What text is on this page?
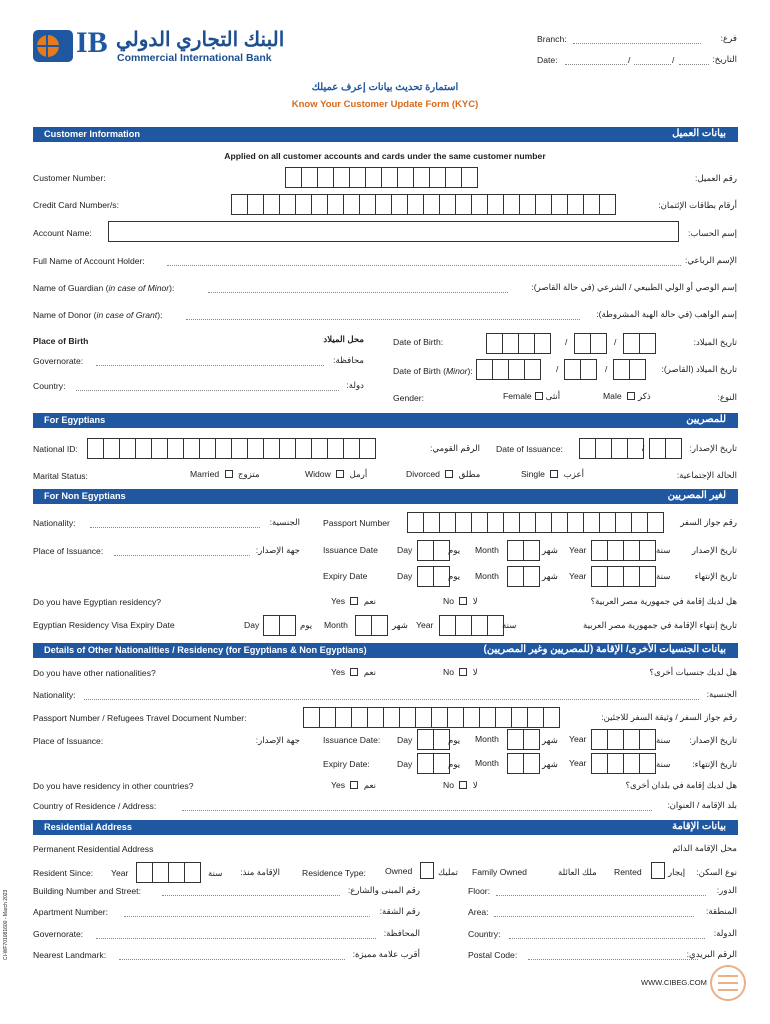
IB البنك التجاري الدولي
Commercial International Bank
Branch:	فرع:
Date:	/	/	التاريخ:
استمارة تحديث بيانات إعرف عميلك
Know Your Customer Update Form (KYC)
Customer Information	بيانات العميل
Applied on all customer accounts and cards under the same customer number
Customer Number:	رقم العميل:
Credit Card Number/s:	أرقام بطاقات الإئتمان:
Account Name:	إسم الحساب:
Full Name of Account Holder:	الإسم الرباعي:
Name of Guardian (in case of Minor):	إسم الوصي أو الولي الطبيعي / الشرعي (في حالة القاصر):
Name of Donor (in case of Grant):	إسم الواهب (في حالة الهبة المشروطة):
Place of Birth	محل الميلاد
Governorate:	محافظة:
Country:	دولة:
Date of Birth:	/	/	تاريخ الميلاد:
Date of Birth (Minor):	/	/	تاريخ الميلاد (القاصر):
Gender:	Female أنثى	Male ذكر	النوع:
For Egyptians	للمصريين
National ID:	الرقم القومي: Date of Issuance:	/	تاريخ الإصدار:
Marital Status:	Married متزوج	Widow أرمل	Divorced مطلق	Single أعزب	الحالة الإجتماعية:
For Non Egyptians	لغير المصريين
Nationality:	الجنسية:	Passport Number	رقم جواز السفر
Place of Issuance:	جهة الإصدار:	Issuance Date Day	يوم Month	شهر Year	سنة تاريخ الإصدار
Expiry Date	Day	يوم Month	شهر Year	سنة	تاريخ الإنتهاء
Do you have Egyptian residency?	Yes نعم	No لا	هل لديك إقامة في جمهورية مصر العربية؟
Egyptian Residency Visa Expiry Date	Day	يوم Month	شهر Year	سنة	تاريخ إنتهاء الإقامة في جمهورية مصر العربية
Details of Other Nationalities / Residency (for Egyptians & Non Egyptians)	بيانات الجنسيات الأخرى/ الإقامة (للمصريين وغير المصريين)
Do you have other nationalities?	Yes نعم	No لا	هل لديك جنسيات أخرى؟
Nationality:	الجنسية:
Passport Number / Refugees Travel Document Number:	رقم جواز السفر / وثيقة السفر للاجئين:
Place of Issuance:	جهة الإصدار:	Issuance Date: Day	يوم Month	شهر Year	سنة تاريخ الإصدار:
Expiry Date:	Day	يوم Month	شهر Year	سنة	تاريخ الإنتهاء:
Do you have residency in other countries?	Yes نعم	No لا	هل لديك إقامة في بلدان أخرى؟
Country of Residence / Address:	بلد الإقامة / العنوان:
Residential Address	بيانات الإقامة
Permanent Residential Address	محل الإقامة الدائم
Resident Since: Year	سنة	الإقامة منذ:	Residence Type: Owned	تمليك Family Owned	ملك العائلة Rented	إيجار نوع السكن:
Building Number and Street:	رقم المبنى والشارع:	Floor:	الدور:
Apartment Number:	رقم الشقة:	Area:	المنطقة:
Governorate:	المحافظة:	Country:	الدولة:
Nearest Landmark:	أقرب علامة مميزة:	Postal Code:	الرقم البريدي:
CI-WF701081600 - March 2023
WWW.CIBEG.COM
